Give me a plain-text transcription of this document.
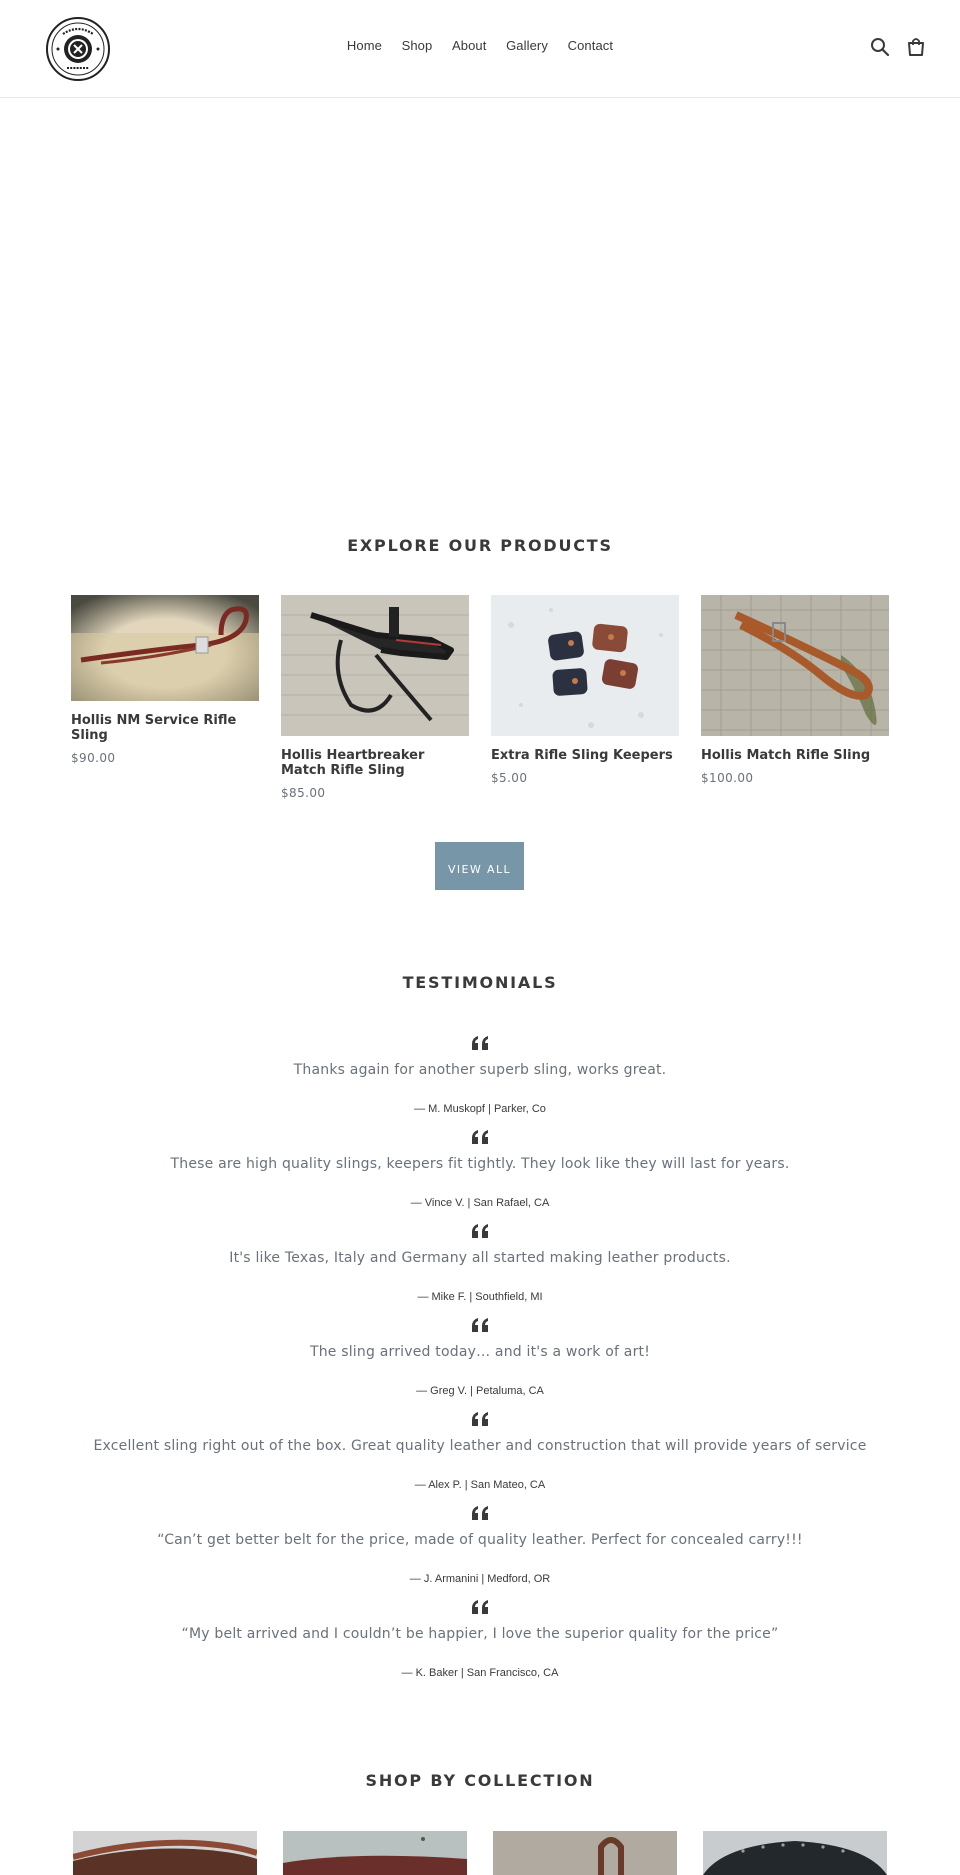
Home Shop About Gallery Contact
EXPLORE OUR PRODUCTS
Hollis NM Service Rifle Sling
$90.00	Hollis Heartbreaker Match Rifle Sling
$85.00
Extra Rifle Sling Keepers
$5.00
Hollis Match Rifle Sling
$100.00
VIEW ALL
TESTIMONIALS
Thanks again for another superb sling, works great.
— M. Muskopf | Parker, Co
These are high quality slings, keepers fit tightly. They look like they will last for years.
— Vince V. | San Rafael, CA
It's like Texas, Italy and Germany all started making leather products.
— Mike F. | Southfield, MI
The sling arrived today… and it's a work of art!
— Greg V. | Petaluma, CA
Excellent sling right out of the box. Great quality leather and construction that will provide years of service
— Alex P. | San Mateo, CA
“Can’t get better belt for the price, made of quality leather. Perfect for concealed carry!!!
— J. Armanini | Medford, OR
“My belt arrived and I couldn’t be happier, I love the superior quality for the price”
— K. Baker | San Francisco, CA
SHOP BY COLLECTION
